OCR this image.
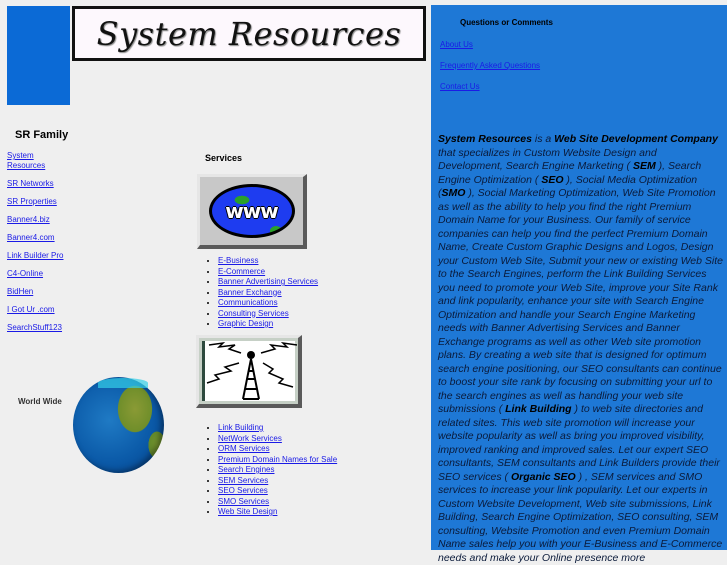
System Resources
SR Family
System Resources
SR Networks
SR Properties
Banner4.biz
Banner4.com
Link Builder Pro
C4-Online
BidHen
I Got Ur .com
SearchStuff123
World Wide
Services
www
• E-Business
• E-Commerce
• Banner Advertising Services
• Banner Exchange
• Communications
• Consulting Services
• Graphic Design
• Link Building
• NetWork Services
• ORM Services
• Premium Domain Names for Sale
• Search Engines
• SEM Services
• SEO Services
• SMO Services
• Web Site Design
Questions or Comments
About Us
Frequently Asked Questions
Contact Us
System Resources is a Web Site Development Company that specializes in Custom Website Design and Development, Search Engine Marketing ( SEM ), Search Engine Optimization ( SEO ), Social Media Optimization (SMO ), Social Marketing Optimization, Web Site Promotion as well as the ability to help you find the right Premium Domain Name for your Business. Our family of service companies can help you find the perfect Premium Domain Name, Create Custom Graphic Designs and Logos, Design your Custom Web Site, Submit your new or existing Web Site to the Search Engines, perform the Link Building Services you need to promote your Web Site, improve your Site Rank and link popularity, enhance your site with Search Engine Optimization and handle your Search Engine Marketing needs with Banner Advertising Services and Banner Exchange programs as well as other Web site promotion plans. By creating a web site that is designed for optimum search engine positioning, our SEO consultants can continue to boost your site rank by focusing on submitting your url to the search engines as well as handling your web site submissions ( Link Building ) to web site directories and related sites. This web site promotion will increase your website popularity as well as bring you improved visibility, improved ranking and improved sales. Let our expert SEO consultants, SEM consultants and Link Builders provide their SEO services ( Organic SEO ) , SEM services and SMO services to increase your link popularity. Let our experts in Custom Website Development, Web site submissions, Link Building, Search Engine Optimization, SEO consulting, SEM consulting, Website Promotion and even Premium Domain Name sales help you with your E-Business and E-Commerce needs and make your Online presence more
